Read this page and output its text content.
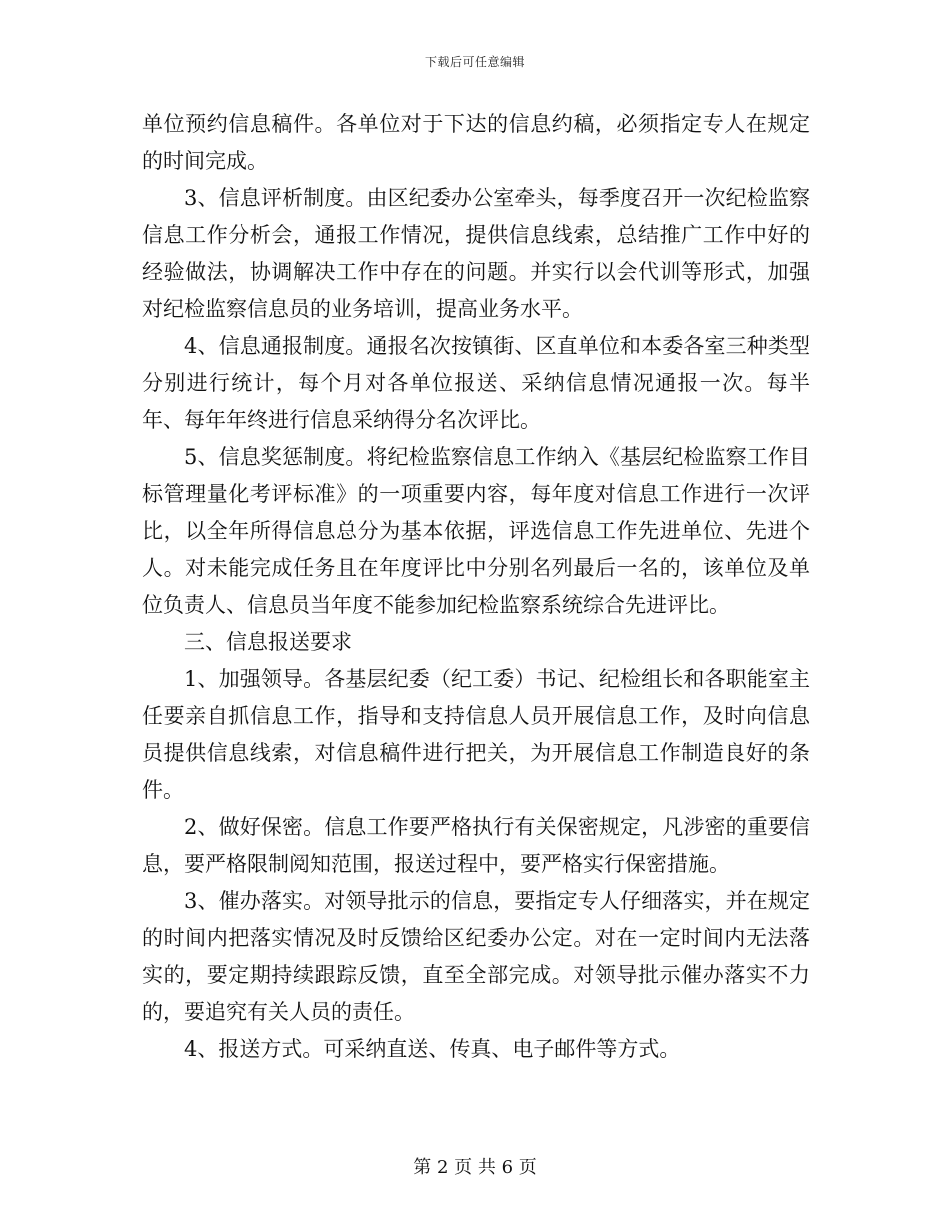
下载后可任意编辑

单位预约信息稿件。各单位对于下达的信息约稿，必须指定专人在规定的时间完成。

3、信息评析制度。由区纪委办公室牵头，每季度召开一次纪检监察信息工作分析会，通报工作情况，提供信息线索，总结推广工作中好的经验做法，协调解决工作中存在的问题。并实行以会代训等形式，加强对纪检监察信息员的业务培训，提高业务水平。

4、信息通报制度。通报名次按镇街、区直单位和本委各室三种类型分别进行统计，每个月对各单位报送、采纳信息情况通报一次。每半年、每年年终进行信息采纳得分名次评比。

5、信息奖惩制度。将纪检监察信息工作纳入《基层纪检监察工作目标管理量化考评标准》的一项重要内容，每年度对信息工作进行一次评比，以全年所得信息总分为基本依据，评选信息工作先进单位、先进个人。对未能完成任务且在年度评比中分别名列最后一名的，该单位及单位负责人、信息员当年度不能参加纪检监察系统综合先进评比。

三、信息报送要求

1、加强领导。各基层纪委（纪工委）书记、纪检组长和各职能室主任要亲自抓信息工作，指导和支持信息人员开展信息工作，及时向信息员提供信息线索，对信息稿件进行把关，为开展信息工作制造良好的条件。

2、做好保密。信息工作要严格执行有关保密规定，凡涉密的重要信息，要严格限制阅知范围，报送过程中，要严格实行保密措施。

3、催办落实。对领导批示的信息，要指定专人仔细落实，并在规定的时间内把落实情况及时反馈给区纪委办公定。对在一定时间内无法落实的，要定期持续跟踪反馈，直至全部完成。对领导批示催办落实不力的，要追究有关人员的责任。

4、报送方式。可采纳直送、传真、电子邮件等方式。

第 2 页 共 6 页
